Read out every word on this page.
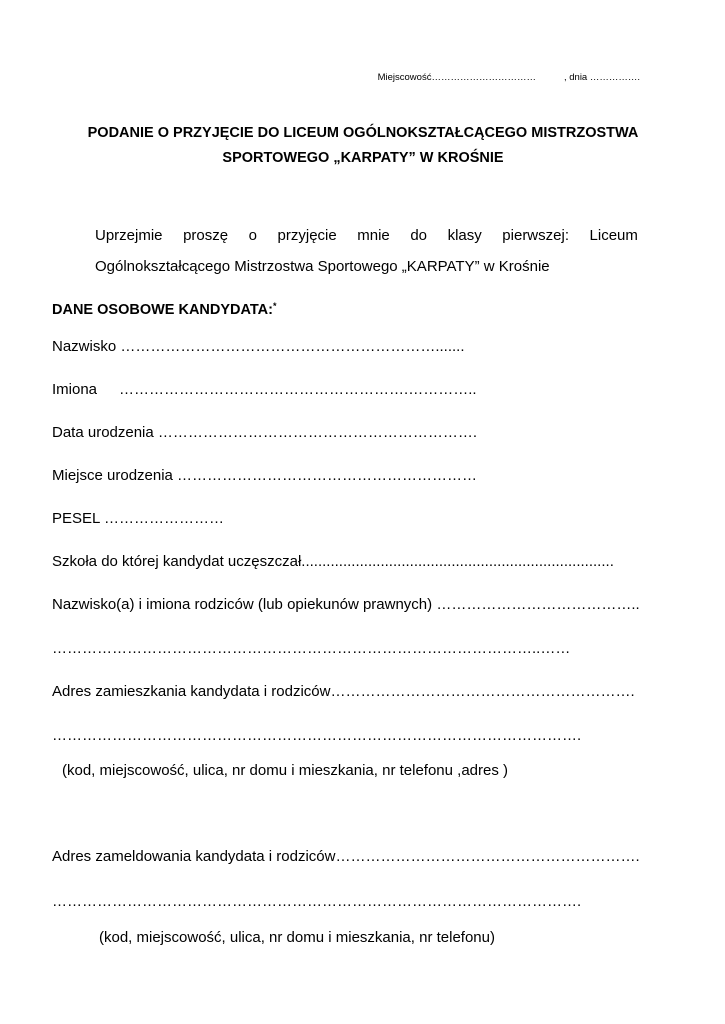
Miejscowość……………………………	, dnia …………….
PODANIE O PRZYJĘCIE DO LICEUM OGÓLNOKSZTAŁCĄCEGO MISTRZOSTWA
SPORTOWEGO „KARPATY” W KROŚNIE
Uprzejmie proszę o przyjęcie mnie do klasy pierwszej: Liceum
Ogólnokształcącego Mistrzostwa Sportowego „KARPATY” w Krośnie
DANE OSOBOWE KANDYDATA:*
Nazwisko ……………………………………………………….......
Imiona ………………………………………………….…………..
Data urodzenia ……………………………………………………….
Miejsce urodzenia ……………………………………………………
PESEL ……………………
Szkoła do której kandydat uczęszczał...........................................................................
Nazwisko(a) i imiona rodziców (lub opiekunów prawnych) …………………………………..
……………………………………………………………………………………..……
Adres zamieszkania kandydata i rodziców…………………………………………………….
…………………………………………………………………………………………….
(kod, miejscowość, ulica, nr domu i mieszkania, nr telefonu ,adres )
Adres zameldowania kandydata i rodziców…………………………………………………….
…………………………………………………………………………………………….
(kod, miejscowość, ulica, nr domu i mieszkania, nr telefonu)
